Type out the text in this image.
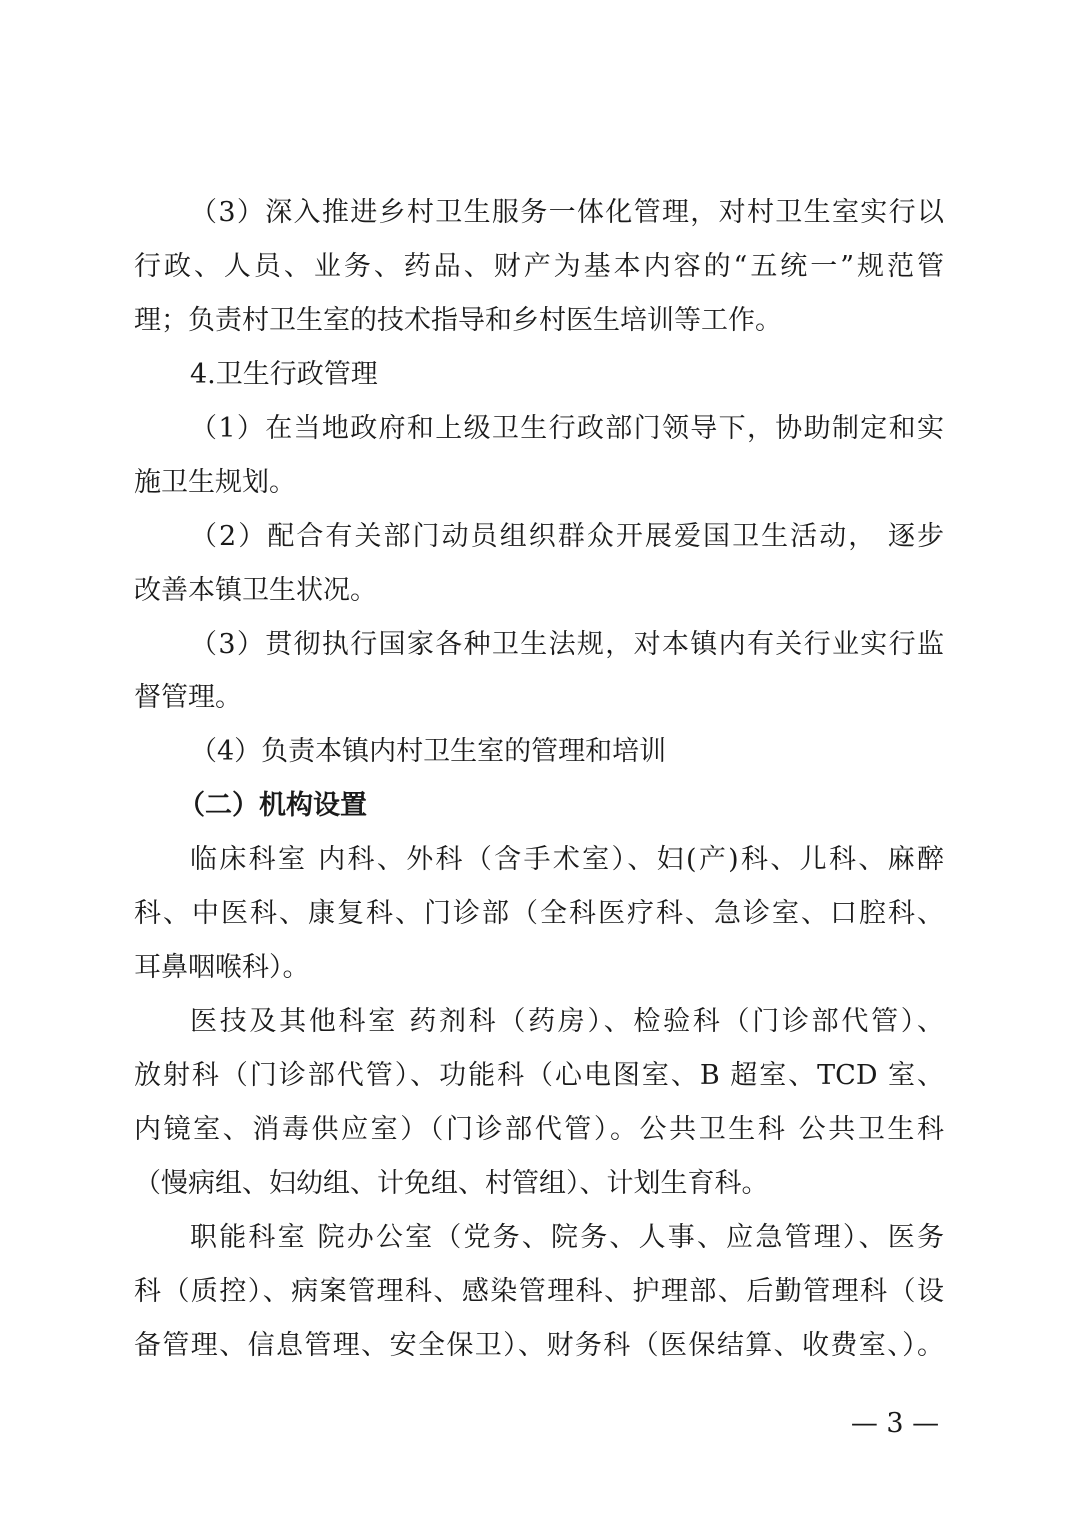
（3）深入推进乡村卫生服务一体化管理，对村卫生室实行以
行政、人员、业务、药品、财产为基本内容的“五统一”规范管
理；负责村卫生室的技术指导和乡村医生培训等工作。
4.卫生行政管理
（1）在当地政府和上级卫生行政部门领导下，协助制定和实
施卫生规划。
（2）配合有关部门动员组织群众开展爱国卫生活动， 逐步
改善本镇卫生状况。
（3）贯彻执行国家各种卫生法规，对本镇内有关行业实行监
督管理。
（4）负责本镇内村卫生室的管理和培训
（二）机构设置
临床科室 内科、外科（含手术室）、妇(产)科、儿科、麻醉
科、中医科、康复科、门诊部（全科医疗科、急诊室、口腔科、
耳鼻咽喉科）。
医技及其他科室 药剂科（药房）、检验科（门诊部代管）、
放射科（门诊部代管）、功能科（心电图室、B 超室、TCD 室、
内镜室、消毒供应室）（门诊部代管）。公共卫生科 公共卫生科
（慢病组、妇幼组、计免组、村管组）、计划生育科。
职能科室 院办公室（党务、院务、人事、应急管理）、医务
科（质控）、病案管理科、感染管理科、护理部、后勤管理科（设
备管理、信息管理、安全保卫）、财务科（医保结算、收费室、）。
— 3 —
